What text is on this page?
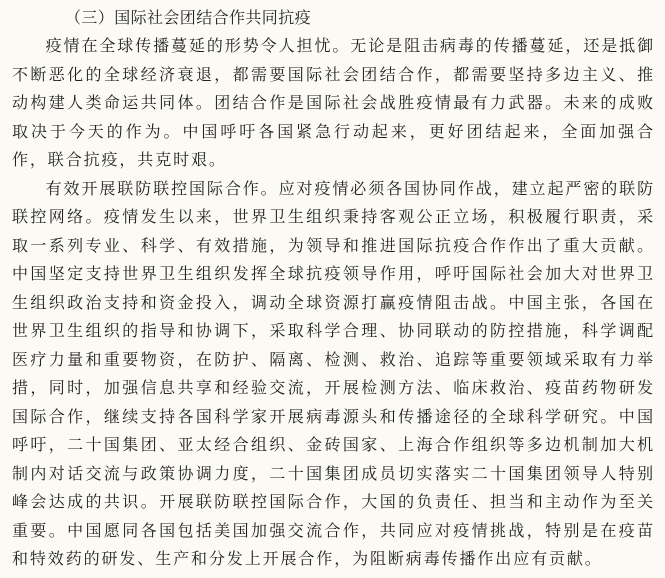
（三）国际社会团结合作共同抗疫

疫情在全球传播蔓延的形势令人担忧。无论是阻击病毒的传播蔓延，还是抵御不断恶化的全球经济衰退，都需要国际社会团结合作，都需要坚持多边主义、推动构建人类命运共同体。团结合作是国际社会战胜疫情最有力武器。未来的成败取决于今天的作为。中国呼吁各国紧急行动起来，更好团结起来，全面加强合作，联合抗疫，共克时艰。

有效开展联防联控国际合作。应对疫情必须各国协同作战，建立起严密的联防联控网络。疫情发生以来，世界卫生组织秉持客观公正立场，积极履行职责，采取一系列专业、科学、有效措施，为领导和推进国际抗疫合作作出了重大贡献。中国坚定支持世界卫生组织发挥全球抗疫领导作用，呼吁国际社会加大对世界卫生组织政治支持和资金投入，调动全球资源打赢疫情阻击战。中国主张，各国在世界卫生组织的指导和协调下，采取科学合理、协同联动的防控措施，科学调配医疗力量和重要物资，在防护、隔离、检测、救治、追踪等重要领域采取有力举措，同时，加强信息共享和经验交流，开展检测方法、临床救治、疫苗药物研发国际合作，继续支持各国科学家开展病毒源头和传播途径的全球科学研究。中国呼吁，二十国集团、亚太经合组织、金砖国家、上海合作组织等多边机制加大机制内对话交流与政策协调力度，二十国集团成员切实落实二十国集团领导人特别峰会达成的共识。开展联防联控国际合作，大国的负责任、担当和主动作为至关重要。中国愿同各国包括美国加强交流合作，共同应对疫情挑战，特别是在疫苗和特效药的研发、生产和分发上开展合作，为阻断病毒传播作出应有贡献。
